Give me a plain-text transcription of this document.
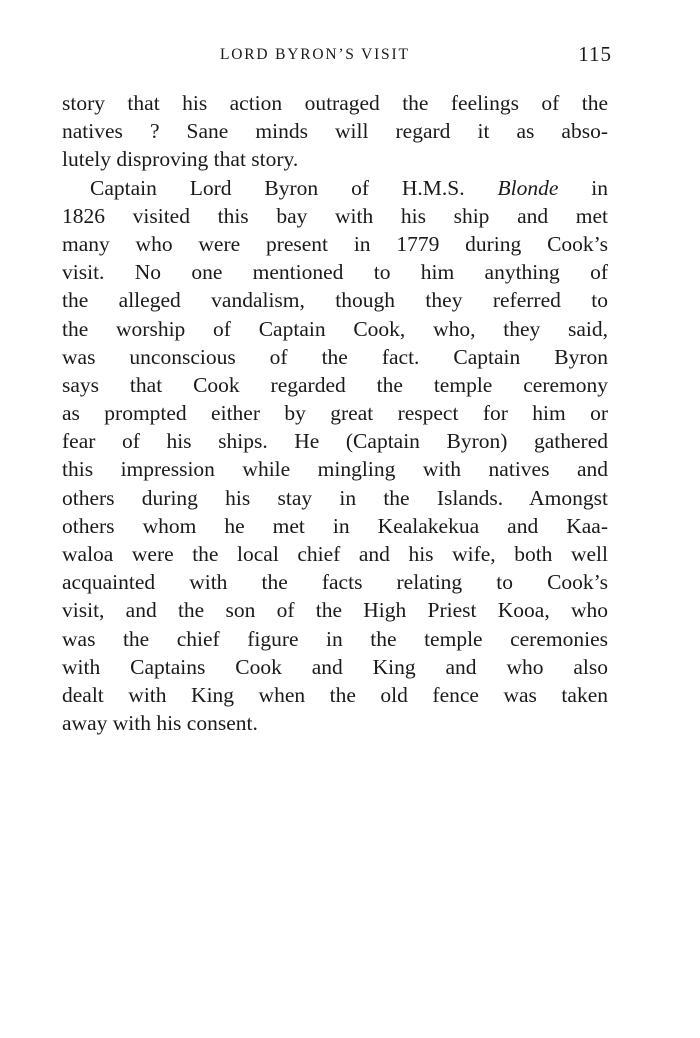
LORD BYRON’S VISIT	115
story that his action outraged the feelings of the
natives ? Sane minds will regard it as abso-
lutely disproving that story.
Captain Lord Byron of H.M.S. Blonde in
1826 visited this bay with his ship and met
many who were present in 1779 during Cook’s
visit. No one mentioned to him anything of
the alleged vandalism, though they referred to
the worship of Captain Cook, who, they said,
was unconscious of the fact. Captain Byron
says that Cook regarded the temple ceremony
as prompted either by great respect for him or
fear of his ships. He (Captain Byron) gathered
this impression while mingling with natives and
others during his stay in the Islands. Amongst
others whom he met in Kealakekua and Kaa-
waloa were the local chief and his wife, both well
acquainted with the facts relating to Cook’s
visit, and the son of the High Priest Kooa, who
was the chief figure in the temple ceremonies
with Captains Cook and King and who also
dealt with King when the old fence was taken
away with his consent.
